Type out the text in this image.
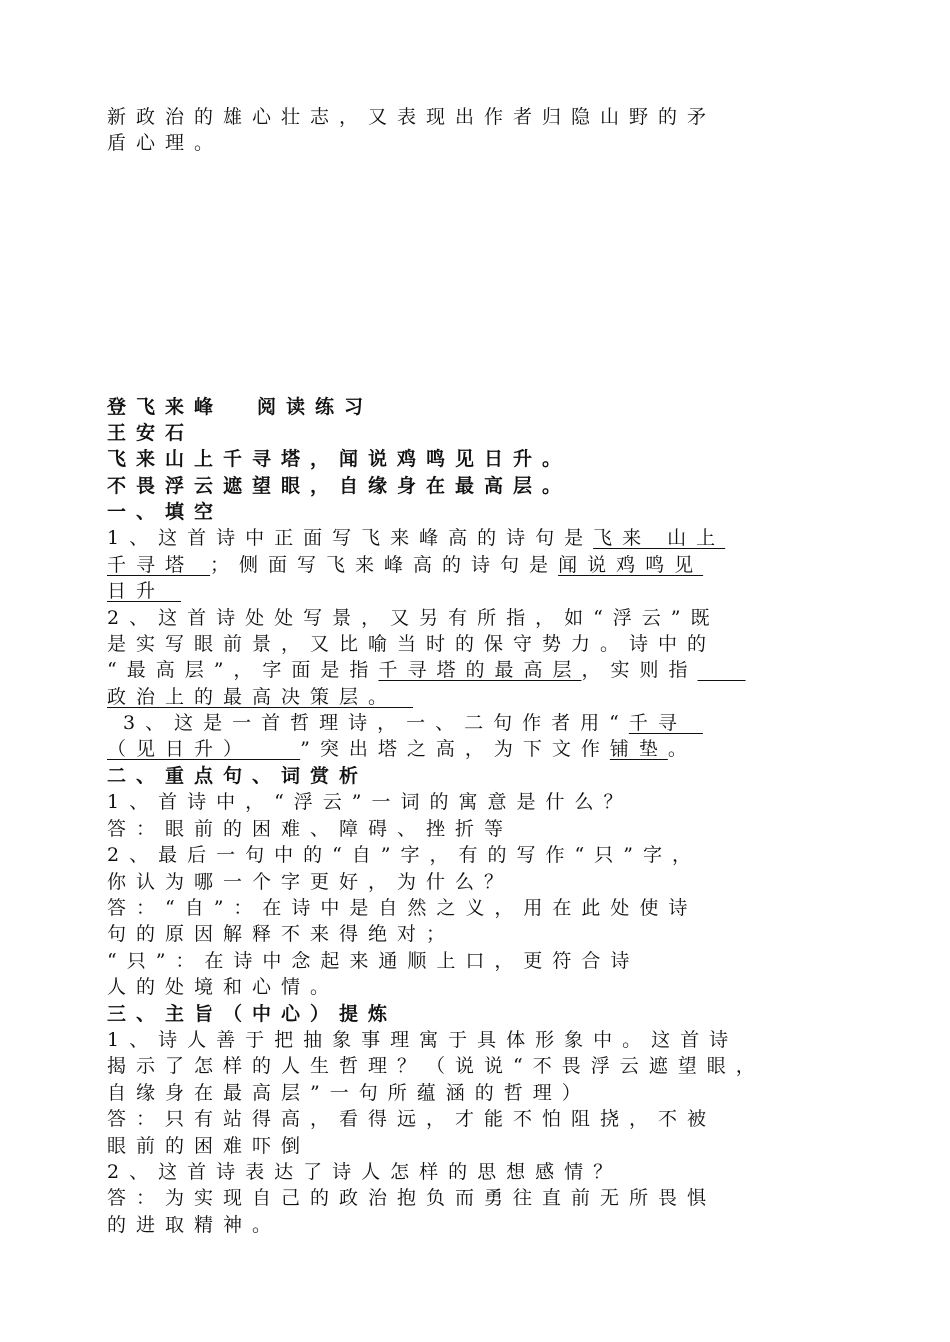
新政治的雄心壮志，又表现出作者归隐山野的矛
盾心理。
登飞来峰 阅读练习
王安石
飞来山上千寻塔，闻说鸡鸣见日升。
不畏浮云遮望眼，自缘身在最高层。
一、填空
1、这首诗中正面写飞来峰高的诗句是飞来 山上
千寻塔 ；侧面写飞来峰高的诗句是闻说鸡鸣见
日升
2、这首诗处处写景，又另有所指，如“浮云”既
是实写眼前景，又比喻当时的保守势力。诗中的
“最高层”，字面是指千寻塔的最高层，实则指
政治上的最高决策层。
3、这是一首哲理诗，一、二句作者用“千寻
（见日升）   ”突出塔之高，为下文作铺垫。
二、重点句、词赏析
1、首诗中，“浮云”一词的寓意是什么？
答：眼前的困难、障碍、挫折等
2、最后一句中的“自”字，有的写作“只”字，
你认为哪一个字更好，为什么？
答：“自”：在诗中是自然之义，用在此处使诗
句的原因解释不来得绝对；
“只”：在诗中念起来通顺上口，更符合诗
人的处境和心情。
三、主旨（中心）提炼
1、诗人善于把抽象事理寓于具体形象中。这首诗
揭示了怎样的人生哲理？（说说“不畏浮云遮望眼，
自缘身在最高层”一句所蕴涵的哲理）
答：只有站得高，看得远，才能不怕阻挠，不被
眼前的困难吓倒
2、这首诗表达了诗人怎样的思想感情？
答：为实现自己的政治抱负而勇往直前无所畏惧
的进取精神。
